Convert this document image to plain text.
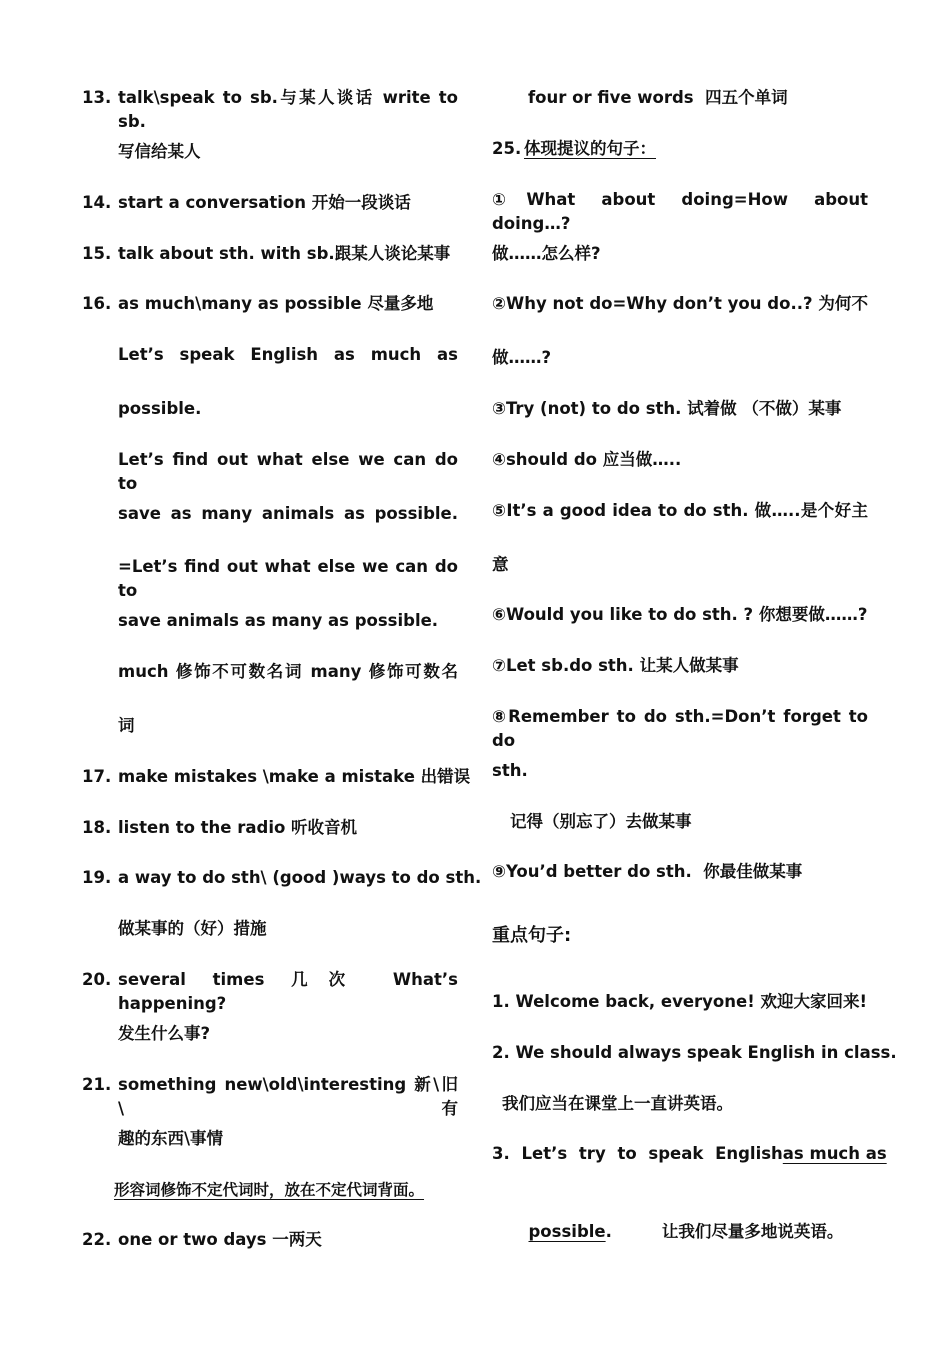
13. talk\speak to sb.与某人谈话 write to sb.
写信给某人
14. start a conversation 开始一段谈话
15. talk about sth. with sb.跟某人谈论某事
16. as much\many as possible 尽量多地
Let’s speak English as much as
possible.
Let’s find out what else we can do to
save as many animals as possible.
=Let’s find out what else we can do to
save animals as many as possible.
much 修饰不可数名词 many 修饰可数名
词
17. make mistakes \make a mistake 出错误
18. listen to the radio 听收音机
19. a way to do sth\ (good )ways to do sth.
做某事的（好）措施
20. several times 几次 What’s happening?
发生什么事?
21. something new\old\interesting 新\旧\有
趣的东西\事情
形容词修饰不定代词时，放在不定代词背面。
22. one or two days 一两天
four or five words  四五个单词
25. 体现提议的句子：
①What about doing=How about doing…?
做……怎么样?
②Why not do=Why don’t you do..? 为何不
做……?
③Try (not) to do sth. 试着做 （不做）某事
④should do 应当做…..
⑤It’s a good idea to do sth. 做…..是个好主
意
⑥Would you like to do sth. ? 你想要做……?
⑦Let sb.do sth. 让某人做某事
⑧Remember to do sth.=Don’t forget to do
sth.
记得（别忘了）去做某事
⑨You’d better do sth.  你最佳做某事
重点句子:
1. Welcome back, everyone! 欢迎大家回来!
2. We should always speak English in class.
我们应当在课堂上一直讲英语。
3. Let’s try to speak English as much as

possible.	让我们尽量多地说英语。
